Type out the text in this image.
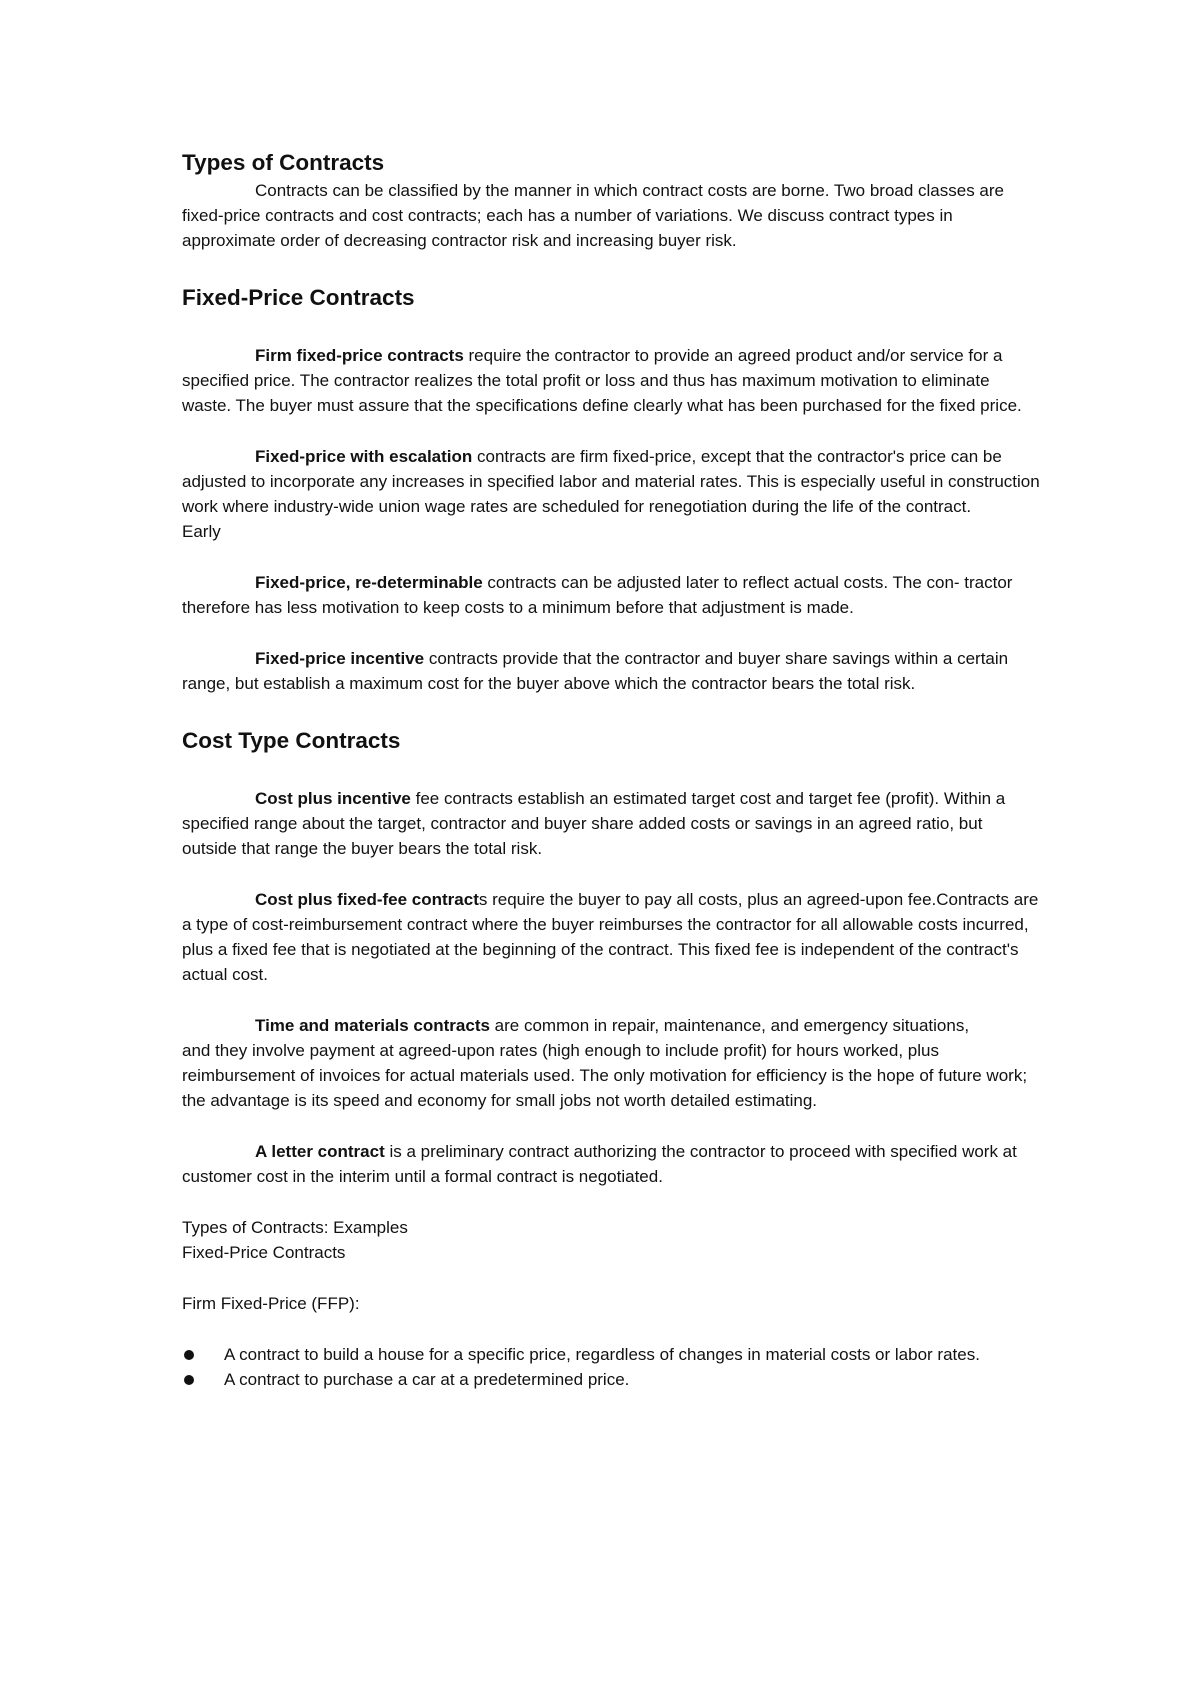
Types of Contracts

Contracts can be classified by the manner in which contract costs are borne. Two broad classes are fixed-price contracts and cost contracts; each has a number of variations. We discuss contract types in approximate order of decreasing contractor risk and increasing buyer risk.

Fixed-Price Contracts

Firm fixed-price contracts require the contractor to provide an agreed product and/or service for a specified price. The contractor realizes the total profit or loss and thus has maximum motivation to eliminate waste. The buyer must assure that the specifications define clearly what has been purchased for the fixed price.

Fixed-price with escalation contracts are firm fixed-price, except that the contractor's price can be adjusted to incorporate any increases in specified labor and material rates. This is especially useful in construction work where industry-wide union wage rates are scheduled for renegotiation during the life of the contract.

Early

Fixed-price, re-determinable contracts can be adjusted later to reflect actual costs. The con- tractor therefore has less motivation to keep costs to a minimum before that adjustment is made.

Fixed-price incentive contracts provide that the contractor and buyer share savings within a certain range, but establish a maximum cost for the buyer above which the contractor bears the total risk.

Cost Type Contracts

Cost plus incentive fee contracts establish an estimated target cost and target fee (profit). Within a specified range about the target, contractor and buyer share added costs or savings in an agreed ratio, but outside that range the buyer bears the total risk.

Cost plus fixed-fee contracts require the buyer to pay all costs, plus an agreed-upon fee.Contracts are a type of cost-reimbursement contract where the buyer reimburses the contractor for all allowable costs incurred, plus a fixed fee that is negotiated at the beginning of the contract. This fixed fee is independent of the contract's actual cost.

Time and materials contracts are common in repair, maintenance, and emergency situations,

and they involve payment at agreed-upon rates (high enough to include profit) for hours worked, plus reimbursement of invoices for actual materials used. The only motivation for efficiency is the hope of future work; the advantage is its speed and economy for small jobs not worth detailed estimating.

A letter contract is a preliminary contract authorizing the contractor to proceed with specified work at customer cost in the interim until a formal contract is negotiated.

Types of Contracts: Examples

Fixed-Price Contracts

Firm Fixed-Price (FFP):

A contract to build a house for a specific price, regardless of changes in material costs or labor rates.
A contract to purchase a car at a predetermined price.
